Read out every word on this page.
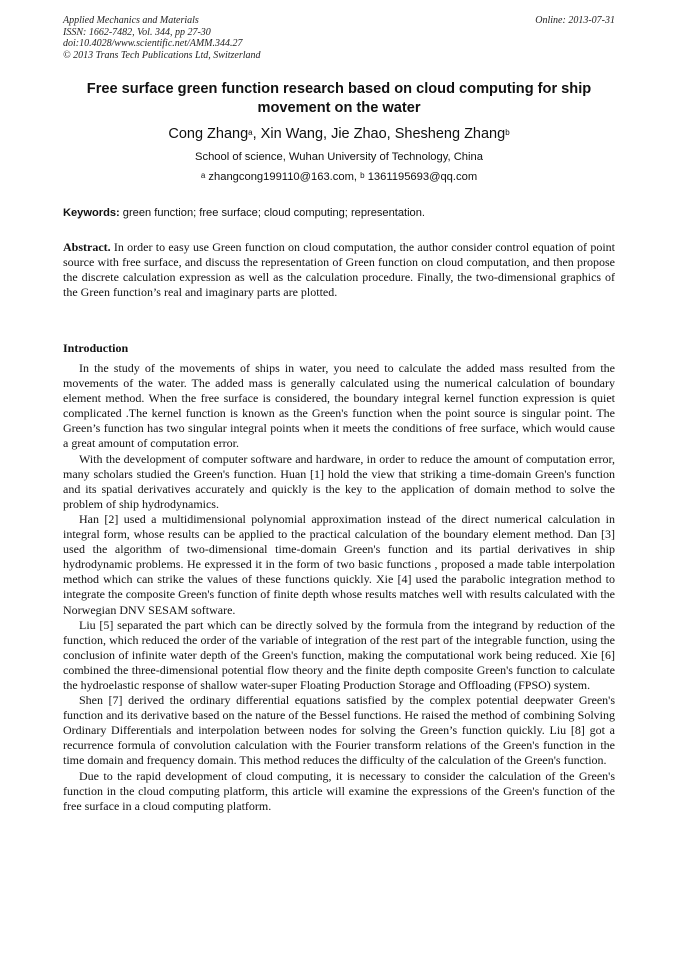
Applied Mechanics and Materials
ISSN: 1662-7482, Vol. 344, pp 27-30
doi:10.4028/www.scientific.net/AMM.344.27
© 2013 Trans Tech Publications Ltd, Switzerland
Online: 2013-07-31
Free surface green function research based on cloud computing for ship movement on the water
Cong Zhang$^a$, Xin Wang, Jie Zhao, Shesheng Zhang$^b$
School of science, Wuhan University of Technology, China
$^a$ zhangcong199110@163.com, $^b$ 1361195693@qq.com
Keywords: green function; free surface; cloud computing; representation.
Abstract. In order to easy use Green function on cloud computation, the author consider control equation of point source with free surface, and discuss the representation of Green function on cloud computation, and then propose the discrete calculation expression as well as the calculation procedure. Finally, the two-dimensional graphics of the Green function’s real and imaginary parts are plotted.
Introduction

In the study of the movements of ships in water, you need to calculate the added mass resulted from the movements of the water. The added mass is generally calculated using the numerical calculation of boundary element method. When the free surface is considered, the boundary integral kernel function expression is quiet complicated .The kernel function is known as the Green's function when the point source is singular point. The Green’s function has two singular integral points when it meets the conditions of free surface, which would cause a great amount of computation error.

With the development of computer software and hardware, in order to reduce the amount of computation error, many scholars studied the Green's function. Huan [1] hold the view that striking a time-domain Green's function and its spatial derivatives accurately and quickly is the key to the application of domain method to solve the problem of ship hydrodynamics.

Han [2] used a multidimensional polynomial approximation instead of the direct numerical calculation in integral form, whose results can be applied to the practical calculation of the boundary element method. Dan [3] used the algorithm of two-dimensional time-domain Green's function and its partial derivatives in ship hydrodynamic problems. He expressed it in the form of two basic functions , proposed a made table interpolation method which can strike the values of these functions quickly. Xie [4] used the parabolic integration method to integrate the composite Green's function of finite depth whose results matches well with results calculated with the Norwegian DNV SESAM software.

Liu [5] separated the part which can be directly solved by the formula from the integrand by reduction of the function, which reduced the order of the variable of integration of the rest part of the integrable function, using the conclusion of infinite water depth of the Green's function, making the computational work being reduced. Xie [6] combined the three-dimensional potential flow theory and the finite depth composite Green's function to calculate the hydroelastic response of shallow water-super Floating Production Storage and Offloading (FPSO) system.

Shen [7] derived the ordinary differential equations satisfied by the complex potential deepwater Green's function and its derivative based on the nature of the Bessel functions. He raised the method of combining Solving Ordinary Differentials and interpolation between nodes for solving the Green’s function quickly. Liu [8] got a recurrence formula of convolution calculation with the Fourier transform relations of the Green's function in the time domain and frequency domain. This method reduces the difficulty of the calculation of the Green's function.

Due to the rapid development of cloud computing, it is necessary to consider the calculation of the Green's function in the cloud computing platform, this article will examine the expressions of the Green's function of the free surface in a cloud computing platform.
